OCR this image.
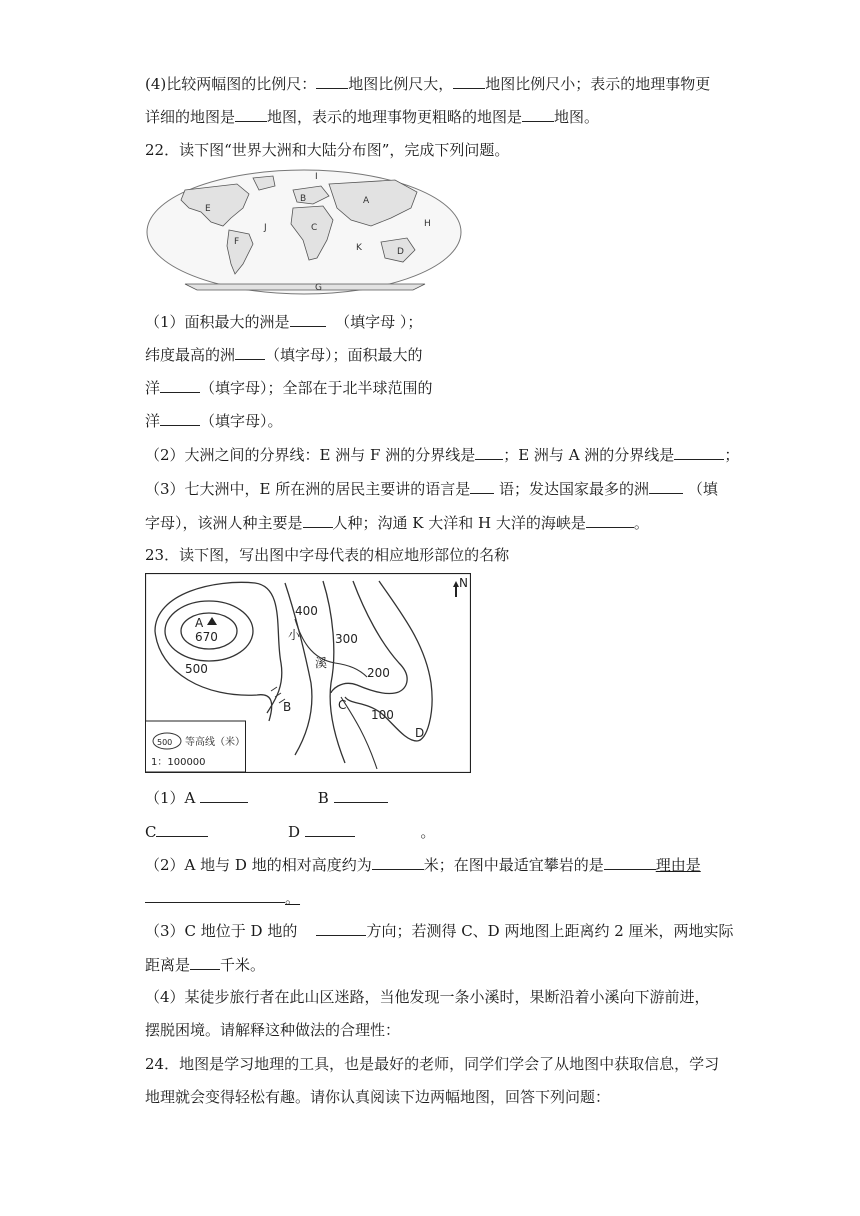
(4)比较两幅图的比例尺： 地图比例尺大， 地图比例尺小；表示的地理事物更
详细的地图是 地图，表示的地理事物更粗略的地图是 地图。
22．读下图“世界大洲和大陆分布图”，完成下列问题。
I
E
B	A
H
J	C
F
K	D
G
（1）面积最大的洲是	（填字母 ）；
纬度最高的洲 （填字母）；面积最大的
洋	（填字母）；全部在于北半球范围的
洋	（填字母）。
（2）大洲之间的分界线：E 洲与 F 洲的分界线是 ；E 洲与 A 洲的分界线是	；
（3）七大洲中，E 所在洲的居民主要讲的语言是 语；发达国家最多的洲	（填
字母），该洲人种主要是 人种；沟通 K 大洋和 H 大洋的海峡是	。
23．读下图，写出图中字母代表的相应地形部位的名称
A
670
400
300
500	200
100
小
溪
B	C
D
N
500 等高线（米）
1：100000
（1）A	B
C	D	。
（2）A 地与 D 地的相对高度约为	米；在图中最适宜攀岩的是	理由是
。
（3）C 地位于 D 地的	方向；若测得 C、D 两地图上距离约 2 厘米，两地实际
距离是 千米。
（4）某徒步旅行者在此山区迷路，当他发现一条小溪时，果断沿着小溪向下游前进，
摆脱困境。请解释这种做法的合理性：
24．地图是学习地理的工具，也是最好的老师，同学们学会了从地图中获取信息，学习
地理就会变得轻松有趣。请你认真阅读下边两幅地图，回答下列问题：
